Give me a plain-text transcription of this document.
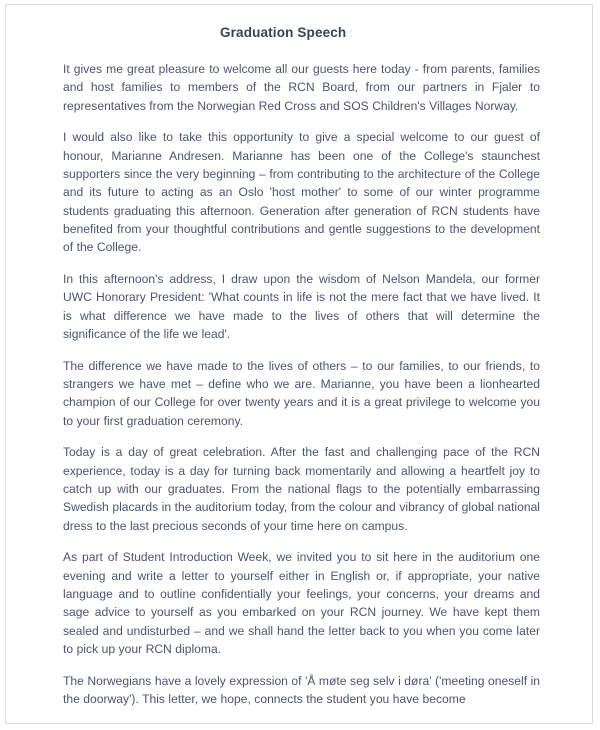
Graduation Speech :

It gives me great pleasure to welcome all our guests here today - from parents, families and host families to members of the RCN Board, from our partners in Fjaler to representatives from the Norwegian Red Cross and SOS Children's Villages Norway.

I would also like to take this opportunity to give a special welcome to our guest of honour, Marianne Andresen. Marianne has been one of the College's staunchest supporters since the very beginning – from contributing to the architecture of the College and its future to acting as an Oslo 'host mother' to some of our winter programme students graduating this afternoon. Generation after generation of RCN students have benefited from your thoughtful contributions and gentle suggestions to the development of the College.

In this afternoon's address, I draw upon the wisdom of Nelson Mandela, our former UWC Honorary President: 'What counts in life is not the mere fact that we have lived. It is what difference we have made to the lives of others that will determine the significance of the life we lead'.

The difference we have made to the lives of others – to our families, to our friends, to strangers we have met – define who we are. Marianne, you have been a lionhearted champion of our College for over twenty years and it is a great privilege to welcome you to your first graduation ceremony.

Today is a day of great celebration. After the fast and challenging pace of the RCN experience, today is a day for turning back momentarily and allowing a heartfelt joy to catch up with our graduates. From the national flags to the potentially embarrassing Swedish placards in the auditorium today, from the colour and vibrancy of global national dress to the last precious seconds of your time here on campus.

As part of Student Introduction Week, we invited you to sit here in the auditorium one evening and write a letter to yourself either in English or, if appropriate, your native language and to outline confidentially your feelings, your concerns, your dreams and sage advice to yourself as you embarked on your RCN journey. We have kept them sealed and undisturbed – and we shall hand the letter back to you when you come later to pick up your RCN diploma.

The Norwegians have a lovely expression of 'Å møte seg selv i døra' ('meeting oneself in the doorway'). This letter, we hope, connects the student you have become
